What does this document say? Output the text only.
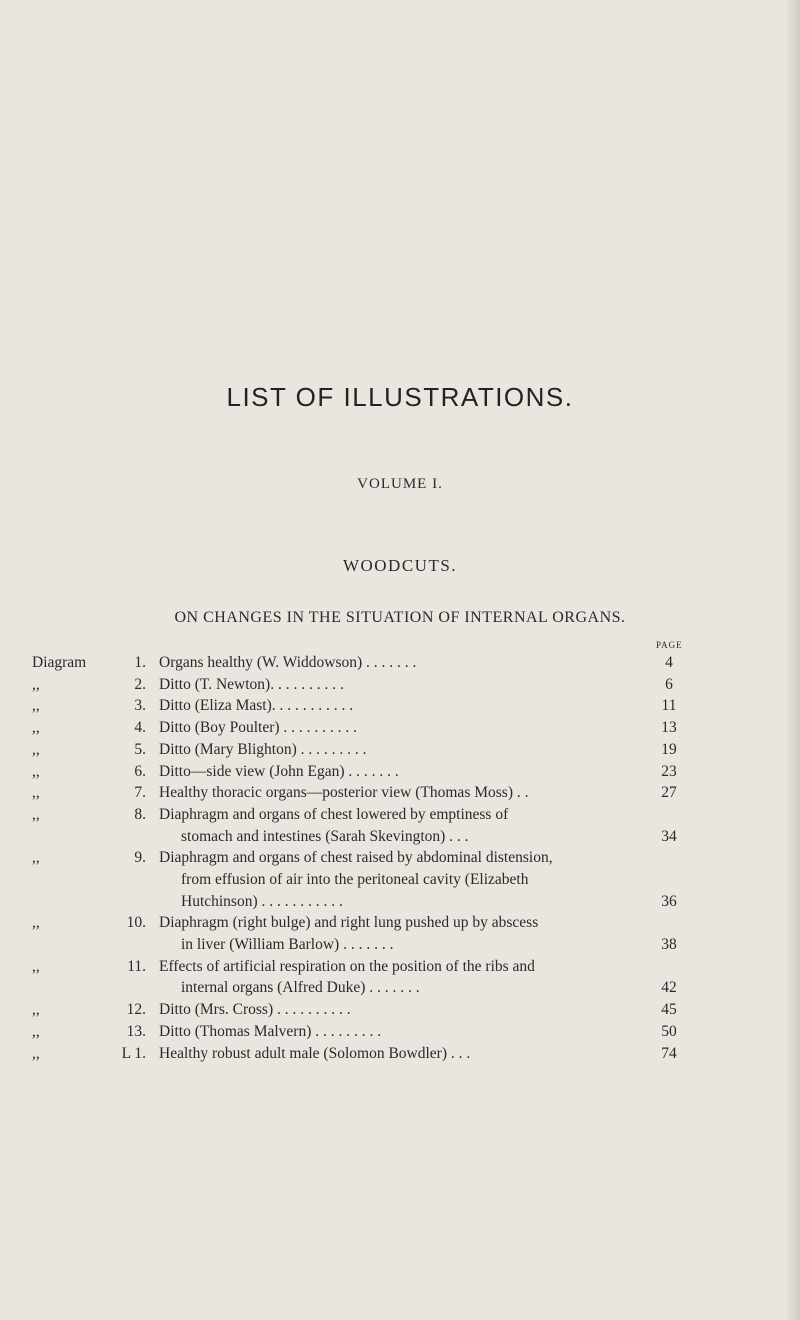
LIST OF ILLUSTRATIONS.
VOLUME I.
WOODCUTS.
ON CHANGES IN THE SITUATION OF INTERNAL ORGANS.
PAGE
Diagram	1. Organs healthy (W. Widdowson) . . . . . . .	4
,,	2. Ditto (T. Newton). . . . . . . . . .	6
,,	3. Ditto (Eliza Mast). . . . . . . . . . .	11
,,	4. Ditto (Boy Poulter) . . . . . . . . . .	13
,,	5. Ditto (Mary Blighton) . . . . . . . . .	19
,,	6. Ditto—side view (John Egan) . . . . . . .	23
,,	7. Healthy thoracic organs—posterior view (Thomas Moss) . .	27
,,	8. Diaphragm and organs of chest lowered by emptiness of
stomach and intestines (Sarah Skevington) . . .	34
,,	9. Diaphragm and organs of chest raised by abdominal distension,
from effusion of air into the peritoneal cavity (Elizabeth
Hutchinson) . . . . . . . . . . .	36
,,	10. Diaphragm (right bulge) and right lung pushed up by abscess
in liver (William Barlow) . . . . . . .	38
,,	11. Effects of artificial respiration on the position of the ribs and
internal organs (Alfred Duke) . . . . . . .	42
,,	12. Ditto (Mrs. Cross) . . . . . . . . . .	45
,,	13. Ditto (Thomas Malvern) . . . . . . . . .	50
,,	L 1. Healthy robust adult male (Solomon Bowdler) . . .	74
